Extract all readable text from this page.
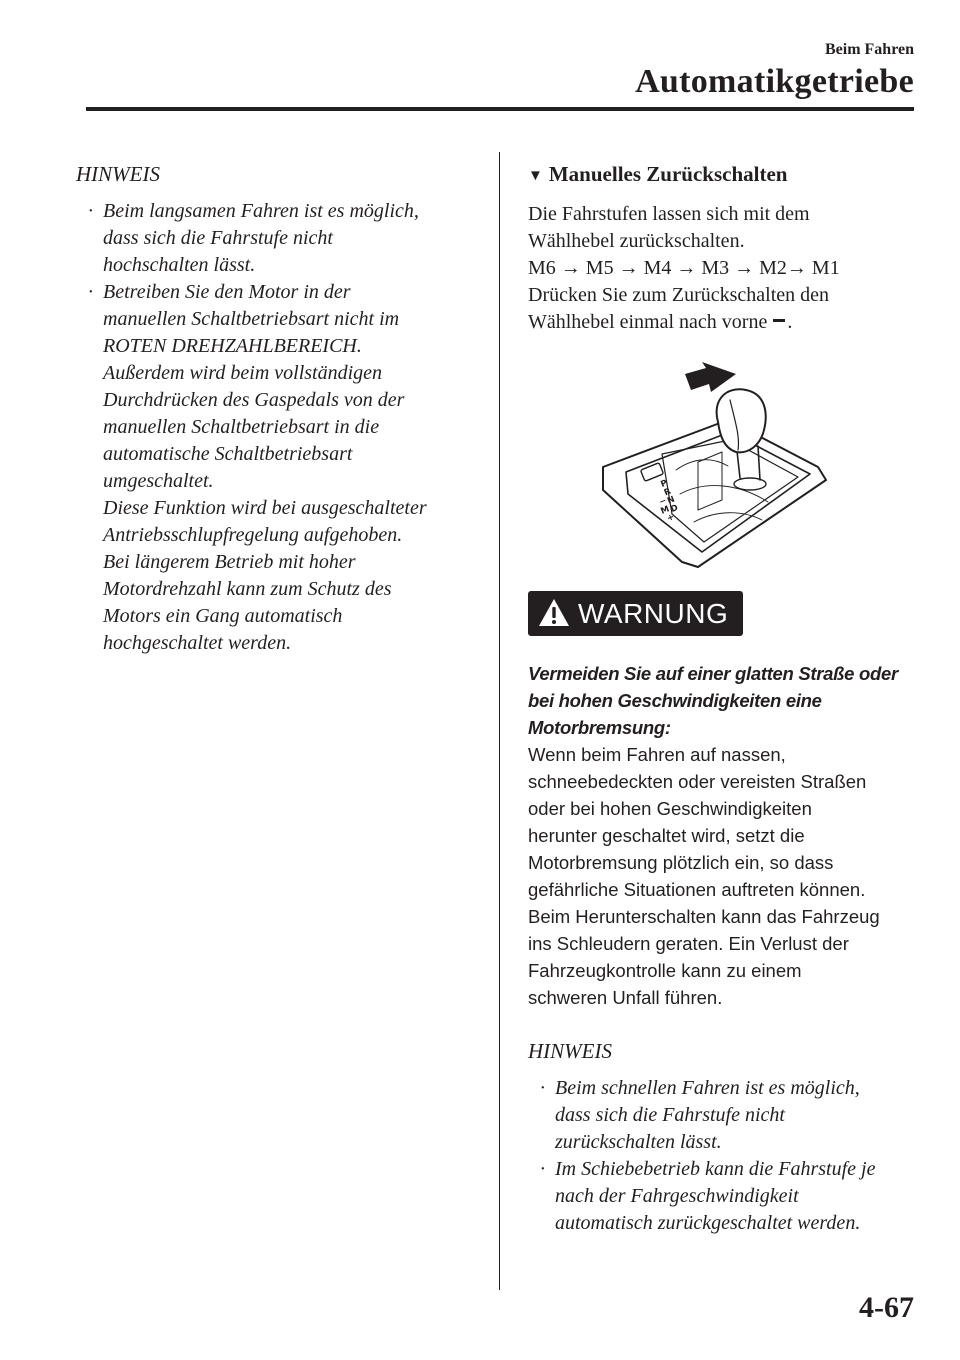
Beim Fahren
Automatikgetriebe
HINWEIS
· Beim langsamen Fahren ist es möglich,
dass sich die Fahrstufe nicht
hochschalten lässt.
· Betreiben Sie den Motor in der
manuellen Schaltbetriebsart nicht im
ROTEN DREHZAHLBEREICH.
Außerdem wird beim vollständigen
Durchdrücken des Gaspedals von der
manuellen Schaltbetriebsart in die
automatische Schaltbetriebsart
umgeschaltet.
Diese Funktion wird bei ausgeschalteter
Antriebsschlupfregelung aufgehoben.
Bei längerem Betrieb mit hoher
Motordrehzahl kann zum Schutz des
Motors ein Gang automatisch
hochgeschaltet werden.
▼ Manuelles Zurückschalten
Die Fahrstufen lassen sich mit dem
Wählhebel zurückschalten.
M6 → M5 → M4 → M3 → M2→ M1
Drücken Sie zum Zurückschalten den
Wählhebel einmal nach vorne .
P
R
N
D
M
+
−
WARNUNG
Vermeiden Sie auf einer glatten Straße oder
bei hohen Geschwindigkeiten eine
Motorbremsung:
Wenn beim Fahren auf nassen,
schneebedeckten oder vereisten Straßen
oder bei hohen Geschwindigkeiten
herunter geschaltet wird, setzt die
Motorbremsung plötzlich ein, so dass
gefährliche Situationen auftreten können.
Beim Herunterschalten kann das Fahrzeug
ins Schleudern geraten. Ein Verlust der
Fahrzeugkontrolle kann zu einem
schweren Unfall führen.
HINWEIS
· Beim schnellen Fahren ist es möglich,
dass sich die Fahrstufe nicht
zurückschalten lässt.
· Im Schiebebetrieb kann die Fahrstufe je
nach der Fahrgeschwindigkeit
automatisch zurückgeschaltet werden.
4-67
